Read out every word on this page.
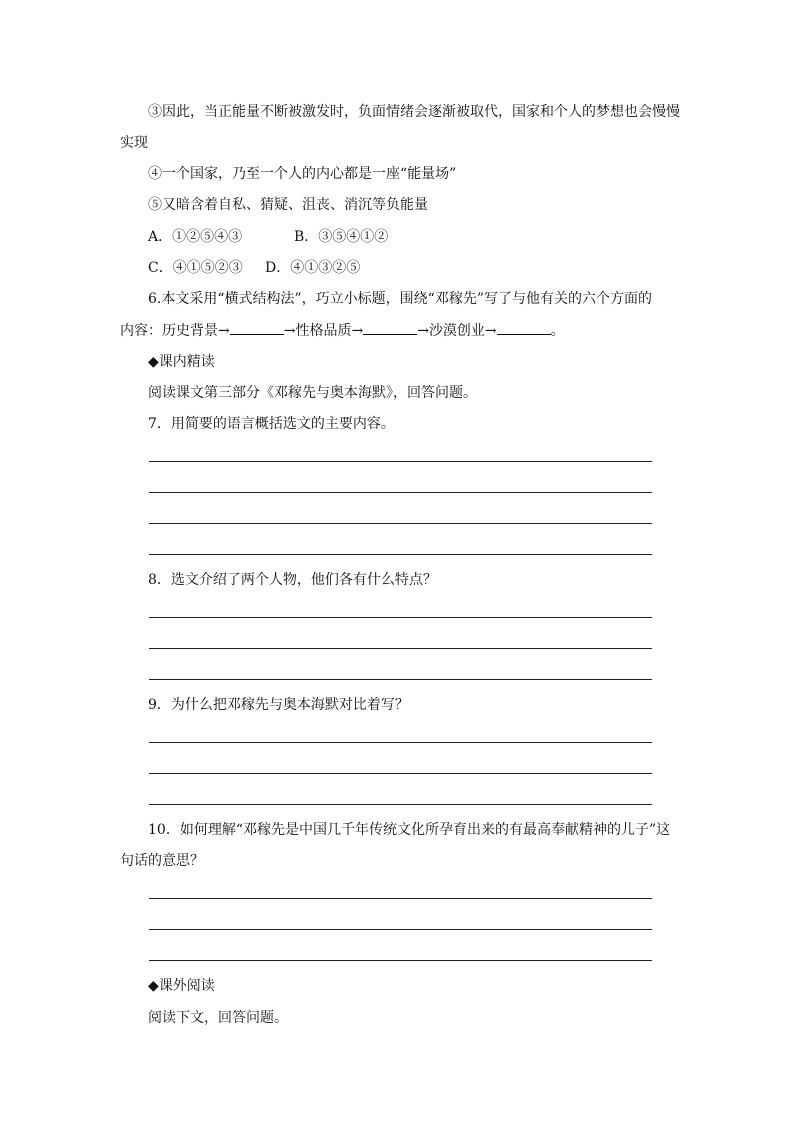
③因此，当正能量不断被激发时，负面情绪会逐渐被取代，国家和个人的梦想也会慢慢
实现
④一个国家，乃至一个人的内心都是一座“能量场”
⑤又暗含着自私、猜疑、沮丧、消沉等负能量
A．①②⑤④③	B．③⑤④①②
C．④①⑤②③ D．④①③②⑤
6.本文采用“横式结构法”，巧立小标题，围绕“邓稼先”写了与他有关的六个方面的
内容：历史背景→	→性格品质→	→沙漠创业→	。
◆课内精读
阅读课文第三部分《邓稼先与奥本海默》，回答问题。
7．用简要的语言概括选文的主要内容。
8．选文介绍了两个人物，他们各有什么特点？
9．为什么把邓稼先与奥本海默对比着写？
10．如何理解“邓稼先是中国几千年传统文化所孕育出来的有最高奉献精神的儿子”这
句话的意思？
◆课外阅读
阅读下文，回答问题。
